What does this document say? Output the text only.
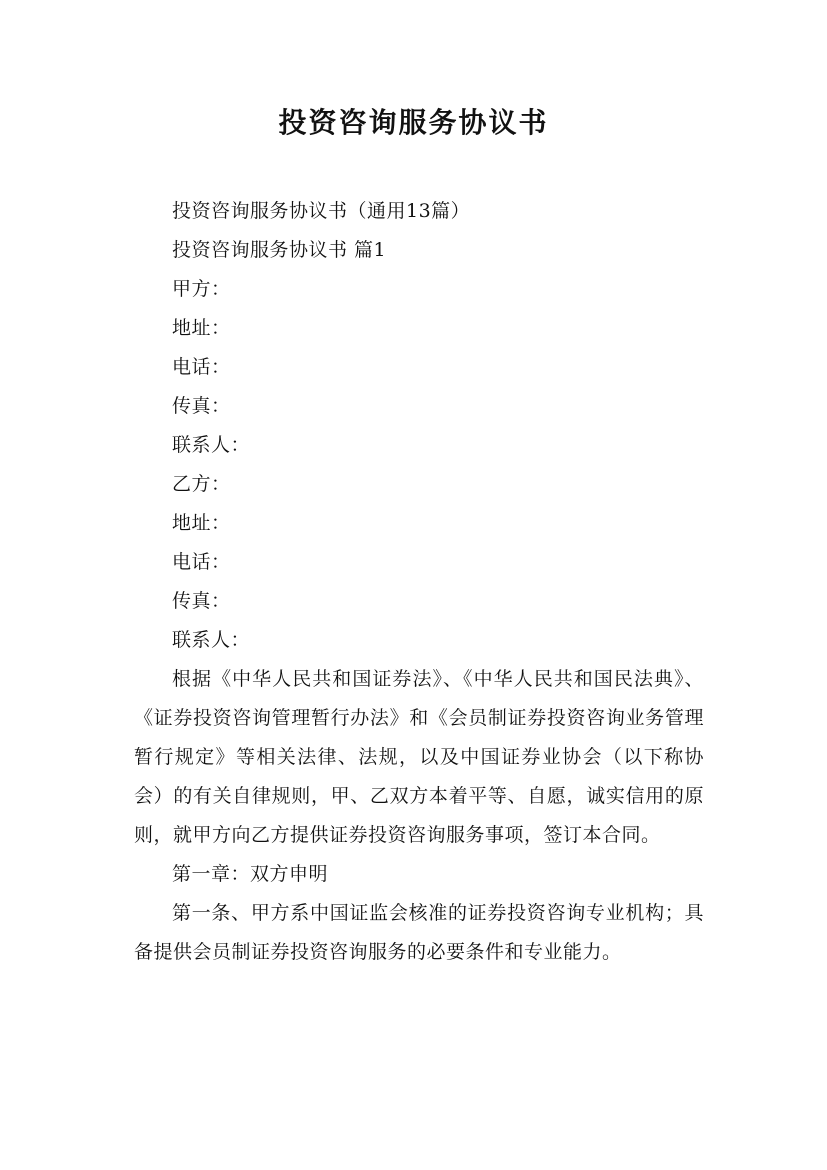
投资咨询服务协议书

投资咨询服务协议书（通用13篇）

投资咨询服务协议书 篇1

甲方：

地址：

电话：

传真：

联系人：

乙方：

地址：

电话：

传真：

联系人：

根据《中华人民共和国证券法》、《中华人民共和国民法典》、《证券投资咨询管理暂行办法》和《会员制证券投资咨询业务管理暂行规定》等相关法律、法规，以及中国证券业协会（以下称协会）的有关自律规则，甲、乙双方本着平等、自愿，诚实信用的原则，就甲方向乙方提供证券投资咨询服务事项，签订本合同。

第一章：双方申明

第一条、甲方系中国证监会核准的证券投资咨询专业机构；具备提供会员制证券投资咨询服务的必要条件和专业能力。
